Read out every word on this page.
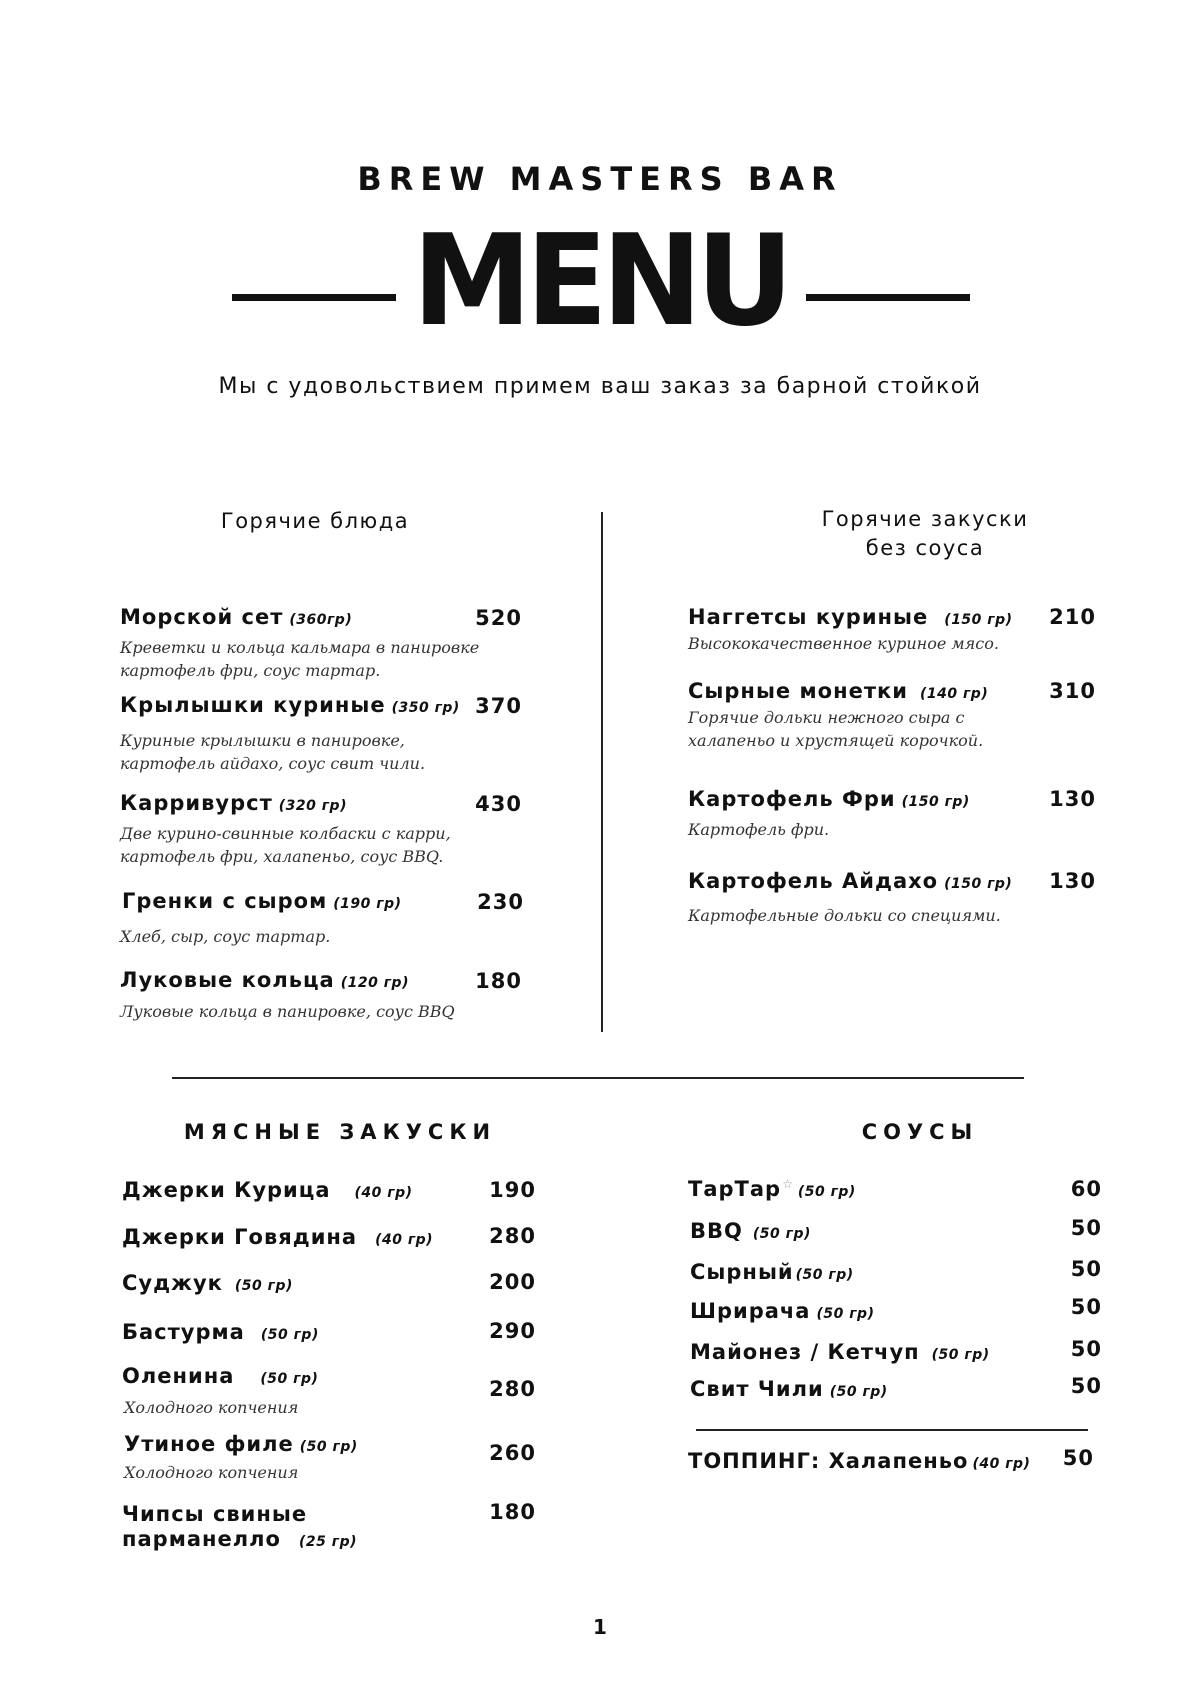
BREW MASTERS BAR
MENU
Мы с удовольствием примем ваш заказ за барной стойкой
Горячие блюда	Горячие закуски
без соуса
Морской сет (360гр)	520
Креветки и кольца кальмара в панировке
картофель фри, соус тартар.
Крылышки куриные (350 гр) 370
Куриные крылышки в панировке,
картофель айдахо, соус свит чили.
Карривурст (320 гр)	430
Две курино-свинные колбаски с карри,
картофель фри, халапеньо, соус BBQ.
Гренки с сыром (190 гр)	230
Хлеб, сыр, соус тартар.
Луковые кольца (120 гр)	180
Луковые кольца в панировке, соус BBQ
Наггетсы куриные (150 гр)	210
Высококачественное куриное мясо.
Сырные монетки (140 гр)	310
Горячие дольки нежного сыра с
халапеньо и хрустящей корочкой.
Картофель Фри (150 гр)	130
Картофель фри.
Картофель Айдахо (150 гр)	130
Картофельные дольки со специями.
МЯСНЫЕ ЗАКУСКИ	СОУСЫ
Джерки Курица (40 гр)	190
Джерки Говядина (40 гр)	280
Суджук (50 гр)	200
Бастурма (50 гр)	290
Оленина (50 гр)	280
Холодного копчения
Утиное филе (50 гр)	260
Холодного копчения
Чипсы свиные
парманелло (25 гр)
180
ТарТар☆ (50 гр)	60
BBQ (50 гр)	50
Сырный (50 гр)	50
Шрирача (50 гр)	50
Майонез / Кетчуп (50 гр)	50
Свит Чили (50 гр)	50
ТОППИНГ: Халапеньо (40 гр)	50
1
